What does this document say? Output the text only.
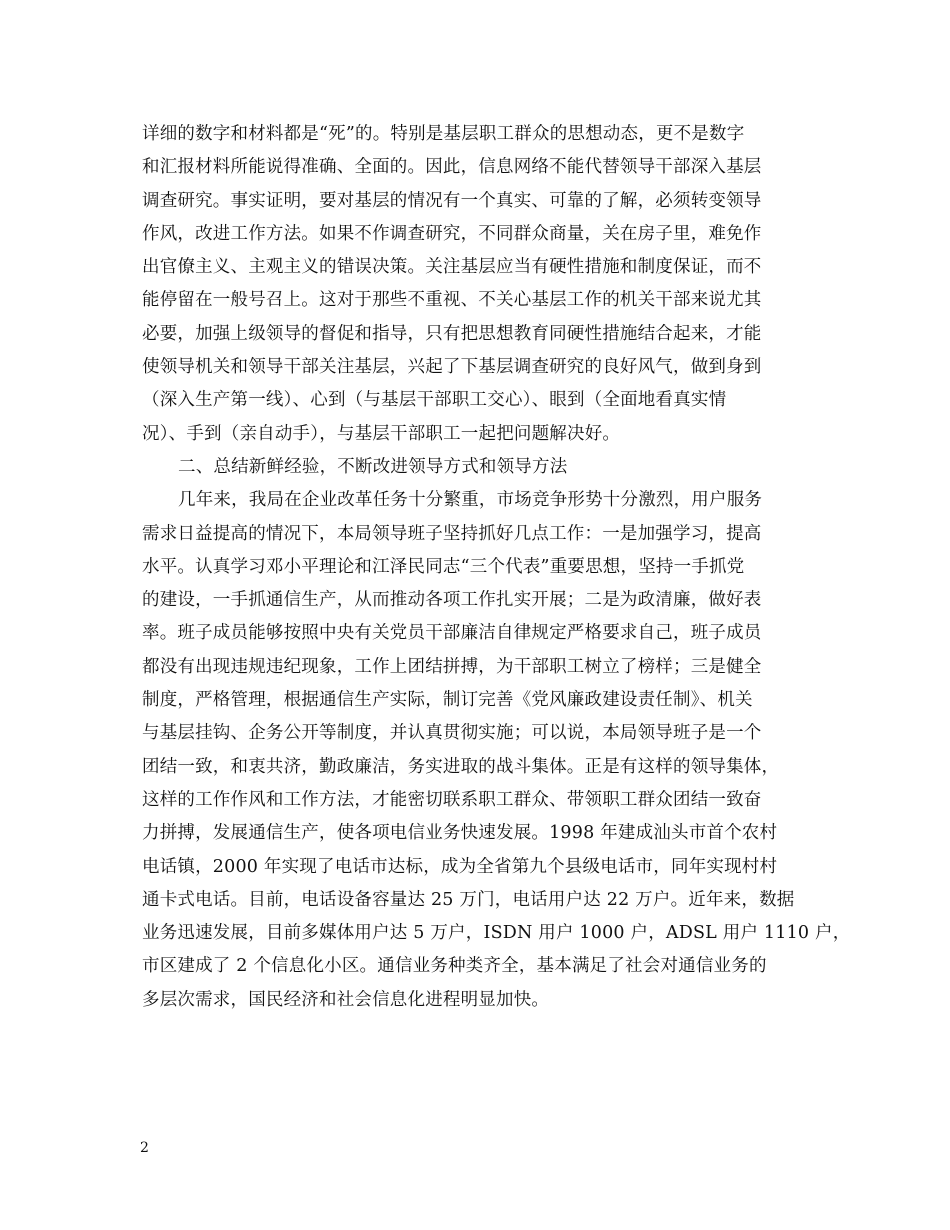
详细的数字和材料都是“死”的。特别是基层职工群众的思想动态，更不是数字
和汇报材料所能说得准确、全面的。因此，信息网络不能代替领导干部深入基层
调查研究。事实证明，要对基层的情况有一个真实、可靠的了解，必须转变领导
作风，改进工作方法。如果不作调查研究，不同群众商量，关在房子里，难免作
出官僚主义、主观主义的错误决策。关注基层应当有硬性措施和制度保证，而不
能停留在一般号召上。这对于那些不重视、不关心基层工作的机关干部来说尤其
必要，加强上级领导的督促和指导，只有把思想教育同硬性措施结合起来，才能
使领导机关和领导干部关注基层，兴起了下基层调查研究的良好风气，做到身到
（深入生产第一线）、心到（与基层干部职工交心）、眼到（全面地看真实情
况）、手到（亲自动手），与基层干部职工一起把问题解决好。
二、总结新鲜经验，不断改进领导方式和领导方法
几年来，我局在企业改革任务十分繁重，市场竞争形势十分激烈，用户服务
需求日益提高的情况下，本局领导班子坚持抓好几点工作：一是加强学习，提高
水平。认真学习邓小平理论和江泽民同志“三个代表”重要思想，坚持一手抓党
的建设，一手抓通信生产，从而推动各项工作扎实开展；二是为政清廉，做好表
率。班子成员能够按照中央有关党员干部廉洁自律规定严格要求自己，班子成员
都没有出现违规违纪现象，工作上团结拼搏，为干部职工树立了榜样；三是健全
制度，严格管理，根据通信生产实际，制订完善《党风廉政建设责任制》、机关
与基层挂钩、企务公开等制度，并认真贯彻实施；可以说，本局领导班子是一个
团结一致，和衷共济，勤政廉洁，务实进取的战斗集体。正是有这样的领导集体，
这样的工作作风和工作方法，才能密切联系职工群众、带领职工群众团结一致奋
力拼搏，发展通信生产，使各项电信业务快速发展。1998 年建成汕头市首个农村
电话镇，2000 年实现了电话市达标，成为全省第九个县级电话市，同年实现村村
通卡式电话。目前，电话设备容量达 25 万门，电话用户达 22 万户。近年来，数据
业务迅速发展，目前多媒体用户达 5 万户，ISDN 用户 1000 户，ADSL 用户 1110 户，
市区建成了 2 个信息化小区。通信业务种类齐全，基本满足了社会对通信业务的
多层次需求，国民经济和社会信息化进程明显加快。
2
